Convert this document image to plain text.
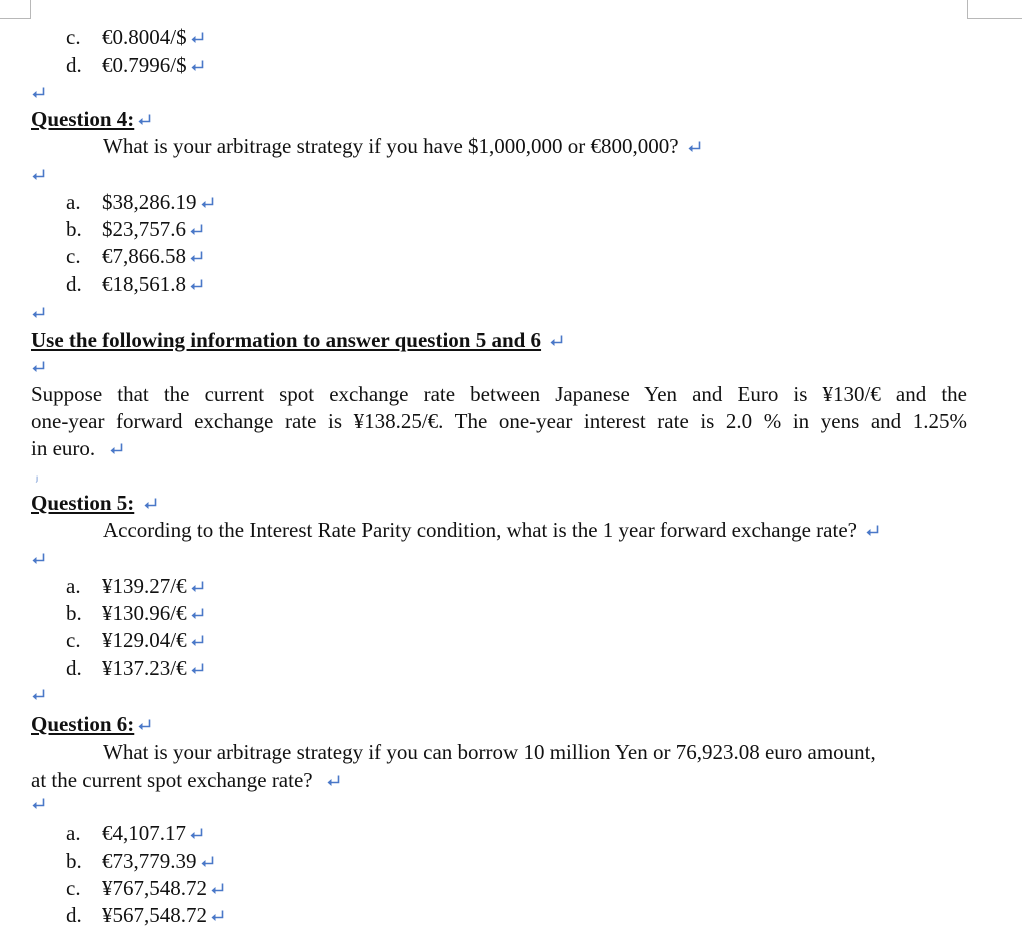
c. €0.8004/$
d. €0.7996/$
Question 4:
What is your arbitrage strategy if you have $1,000,000 or €800,000?
a. $38,286.19
b. $23,757.6
c. €7,866.58
d. €18,561.8
Use the following information to answer question 5 and 6
Suppose that the current spot exchange rate between Japanese Yen and Euro is ¥130/€ and the
one-year forward exchange rate is ¥138.25/€. The one-year interest rate is 2.0 % in yens and 1.25%
in euro.
ⱼ
Question 5:
According to the Interest Rate Parity condition, what is the 1 year forward exchange rate?
a. ¥139.27/€
b. ¥130.96/€
c. ¥129.04/€
d. ¥137.23/€
Question 6:
What is your arbitrage strategy if you can borrow 10 million Yen or 76,923.08 euro amount,
at the current spot exchange rate?
a. €4,107.17
b. €73,779.39
c. ¥767,548.72
d. ¥567,548.72
